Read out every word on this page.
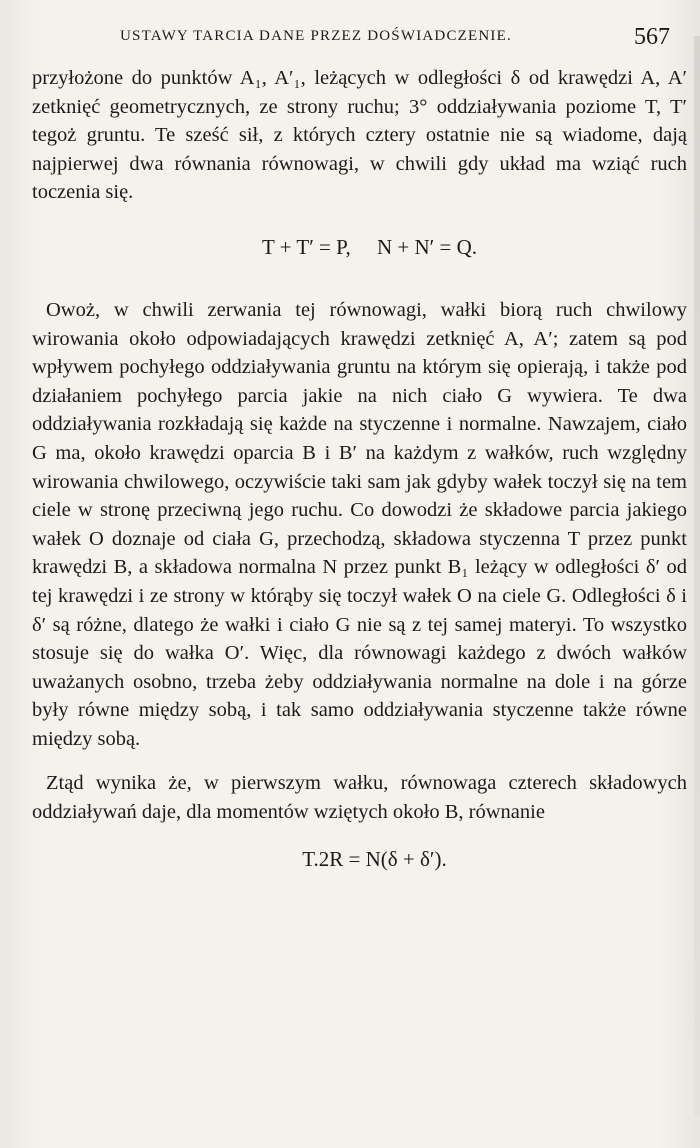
USTAWY TARCIA DANE PRZEZ DOŚWIADCZENIE.	567

przyłożone do punktów A₁, A′₁, leżących w odległości δ od krawędzi A, A′ zetknięć geometrycznych, ze strony ruchu; 3° oddziaływania poziome T, T′ tegoż gruntu. Te sześć sił, z których cztery ostatnie nie są wiadome, dają najpierwej dwa równania równowagi, w chwili gdy układ ma wziąć ruch toczenia się.

T + T′ = P,     N + N′ = Q.

Owoż, w chwili zerwania tej równowagi, wałki biorą ruch chwilowy wirowania około odpowiadających krawędzi zetknięć A, A′; zatem są pod wpływem pochyłego oddziaływania gruntu na którym się opierają, i także pod działaniem pochyłego parcia jakie na nich ciało G wywiera. Te dwa oddziaływania rozkładają się każde na styczenne i normalne. Nawzajem, ciało G ma, około krawędzi oparcia B i B′ na każdym z wałków, ruch względny wirowania chwilowego, oczywiście taki sam jak gdyby wałek toczył się na tem ciele w stronę przeciwną jego ruchu. Co dowodzi że składowe parcia jakiego wałek O doznaje od ciała G, przechodzą, składowa styczenna T przez punkt krawędzi B, a składowa normalna N przez punkt B₁ leżący w odległości δ′ od tej krawędzi i ze strony w którąby się toczył wałek O na ciele G. Odległości δ i δ′ są różne, dlatego że wałki i ciało G nie są z tej samej materyi. To wszystko stosuje się do wałka O′. Więc, dla równowagi każdego z dwóch wałków uważanych osobno, trzeba żeby oddziaływania normalne na dole i na górze były równe między sobą, i tak samo oddziaływania styczenne także równe między sobą.

Ztąd wynika że, w pierwszym wałku, równowaga czterech składowych oddziaływań daje, dla momentów wziętych około B, równanie

T.2R = N(δ + δ′).
